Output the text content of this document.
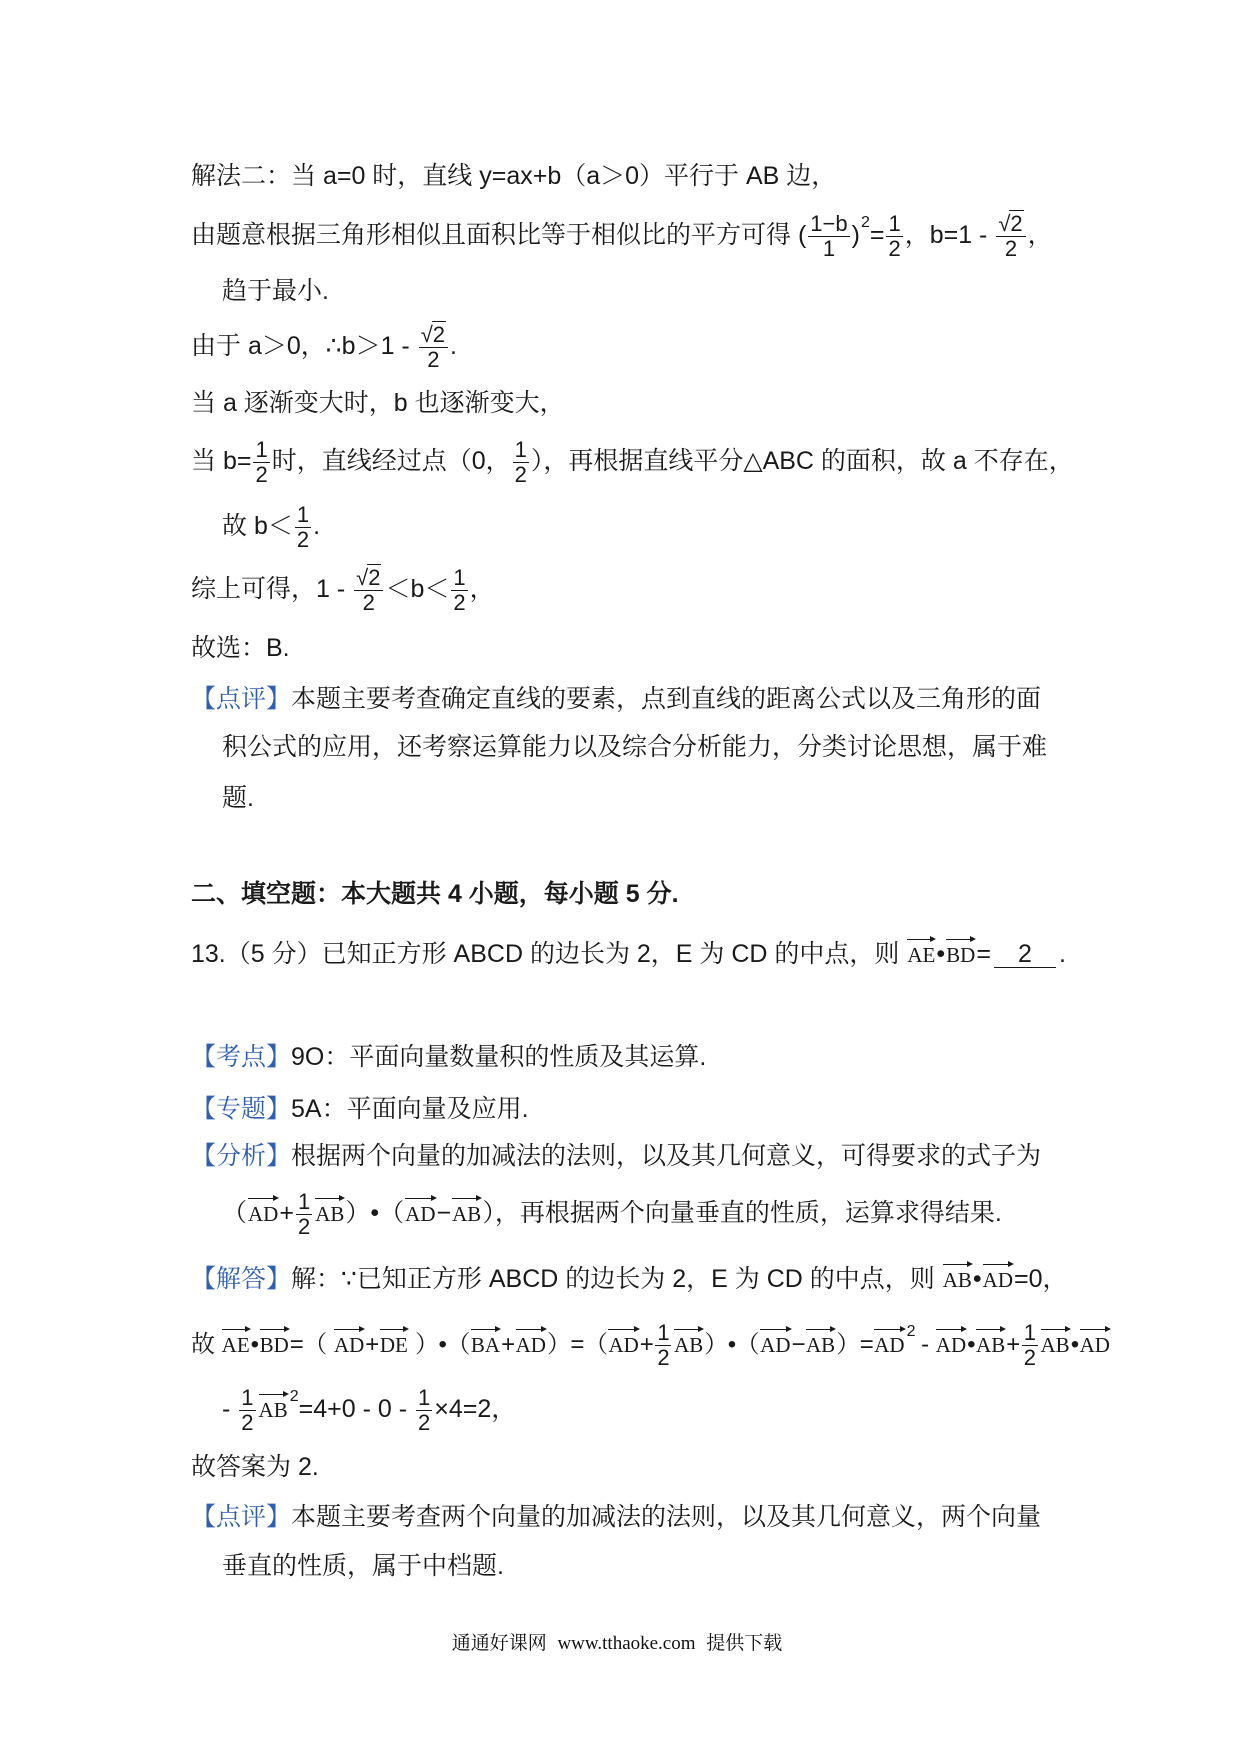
解法二：当 a=0 时，直线 y=ax+b（a＞0）平行于 AB 边，
由题意根据三角形相似且面积比等于相似比的平方可得 ( $\frac{1-b}{1} )^2= \frac{1}{2}$ ，$b=1 - \frac{√2}{2}$ ，
趋于最小.
由于 a＞0，∴b＞1 - $\frac{√2}{2}$ .
当 a 逐渐变大时，b 也逐渐变大，
当 $b= \frac{1}{2}$ 时，直线经过点（0， $\frac{1}{2}$ ），再根据直线平分△ABC 的面积，故 a 不存在，
故 $b< \frac{1}{2}$ .
综上可得，$1 - \frac{√2}{2} <b< \frac{1}{2}$ ，
故选：B.
【点评】本题主要考查确定直线的要素，点到直线的距离公式以及三角形的面
积公式的应用，还考察运算能力以及综合分析能力，分类讨论思想，属于难
题.
二、填空题：本大题共 4 小题，每小题 5 分.
13.（5 分）已知正方形 ABCD 的边长为 2，E 为 CD 的中点，则 AE•BD= 2 .
【考点】9O：平面向量数量积的性质及其运算.
【专题】5A：平面向量及应用.
【分析】根据两个向量的加减法的法则，以及其几何意义，可得要求的式子为
（$AD+ \frac{1}{2}$ AB）•（AD−AB），再根据两个向量垂直的性质，运算求得结果.
【解答】解：∵已知正方形 ABCD 的边长为 2，E 为 CD 的中点，则 AB•AD=0，
故 AE•BD=（ AD+DE ）•（BA+AD）=（AD+ $\frac{1}{2}$ $AB)•(AD-AB)=AD^2$ - AD•AB+ $\frac{1}{2}$ AB•AD
- $\frac{1}{2} AB^2=4+0 - 0 - \frac{1}{2} \times 4=2$，
故答案为 2.
【点评】本题主要考查两个向量的加减法的法则，以及其几何意义，两个向量
垂直的性质，属于中档题.
通通好课网 www.tthaoke.com 提供下载
